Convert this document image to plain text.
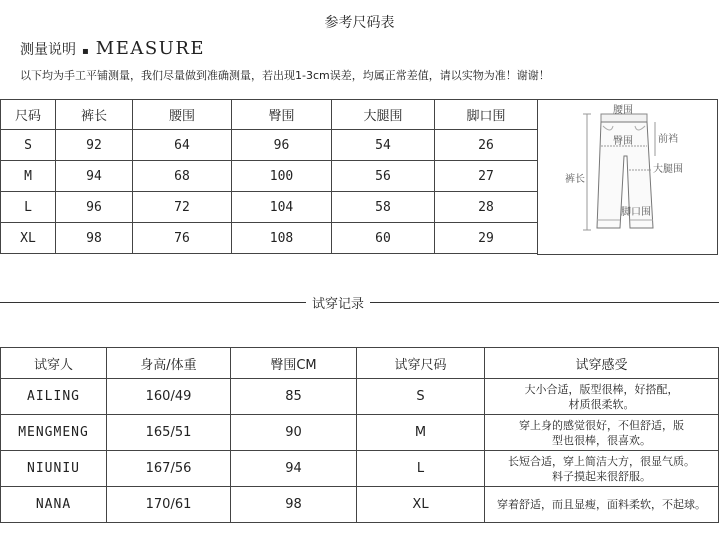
参考尺码表
测量说明 ▪ MEASURE
以下均为手工平铺测量，我们尽量做到准确测量，若出现1-3cm误差，均属正常差值，请以实物为准！谢谢！
尺码	裤长	腰围	臀围	大腿围	脚口围
S	92	64	96	54	26
M	94	68	100	56	27
L	96	72	104	58	28
XL	98	76	108	60	29
腰围
臀围	前裆
大腿围
裤长
脚口围
试穿记录
试穿人	身高/体重	臀围CM	试穿尺码	试穿感受
AILING	160/49	85	S	大小合适，版型很棒，好搭配，
材质很柔软。
MENGMENG	165/51	90	M	穿上身的感觉很好，不但舒适，版
型也很棒，很喜欢。
NIUNIU	167/56	94	L	长短合适，穿上简洁大方，很显气质。
料子摸起来很舒服。
NANA	170/61	98	XL	穿着舒适，而且显瘦，面料柔软，不起球。
